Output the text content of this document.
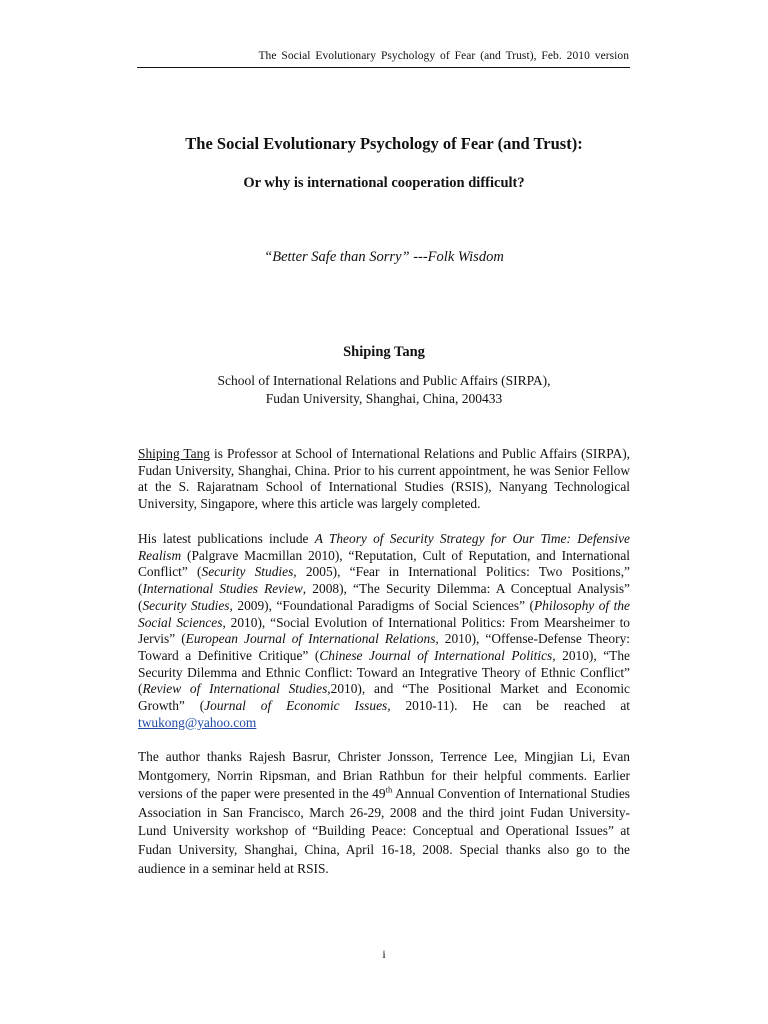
The Social Evolutionary Psychology of Fear (and Trust), Feb. 2010 version
The Social Evolutionary Psychology of Fear (and Trust):
Or why is international cooperation difficult?
“Better Safe than Sorry” ---Folk Wisdom
Shiping Tang
School of International Relations and Public Affairs (SIRPA),
Fudan University, Shanghai, China, 200433

Shiping Tang is Professor at School of International Relations and Public Affairs (SIRPA), Fudan University, Shanghai, China. Prior to his current appointment, he was Senior Fellow at the S. Rajaratnam School of International Studies (RSIS), Nanyang Technological University, Singapore, where this article was largely completed.

His latest publications include A Theory of Security Strategy for Our Time: Defensive Realism (Palgrave Macmillan 2010), “Reputation, Cult of Reputation, and International Conflict” (Security Studies, 2005), “Fear in International Politics: Two Positions,” (International Studies Review, 2008), “The Security Dilemma: A Conceptual Analysis” (Security Studies, 2009), “Foundational Paradigms of Social Sciences” (Philosophy of the Social Sciences, 2010), “Social Evolution of International Politics: From Mearsheimer to Jervis” (European Journal of International Relations, 2010), “Offense-Defense Theory: Toward a Definitive Critique” (Chinese Journal of International Politics, 2010), “The Security Dilemma and Ethnic Conflict: Toward an Integrative Theory of Ethnic Conflict” (Review of International Studies,2010), and “The Positional Market and Economic Growth” (Journal of Economic Issues, 2010-11). He can be reached at twukong@yahoo.com

The author thanks Rajesh Basrur, Christer Jonsson, Terrence Lee, Mingjian Li, Evan Montgomery, Norrin Ripsman, and Brian Rathbun for their helpful comments. Earlier versions of the paper were presented in the 49th Annual Convention of International Studies Association in San Francisco, March 26-29, 2008 and the third joint Fudan University-Lund University workshop of “Building Peace: Conceptual and Operational Issues” at Fudan University, Shanghai, China, April 16-18, 2008. Special thanks also go to the audience in a seminar held at RSIS.

i
